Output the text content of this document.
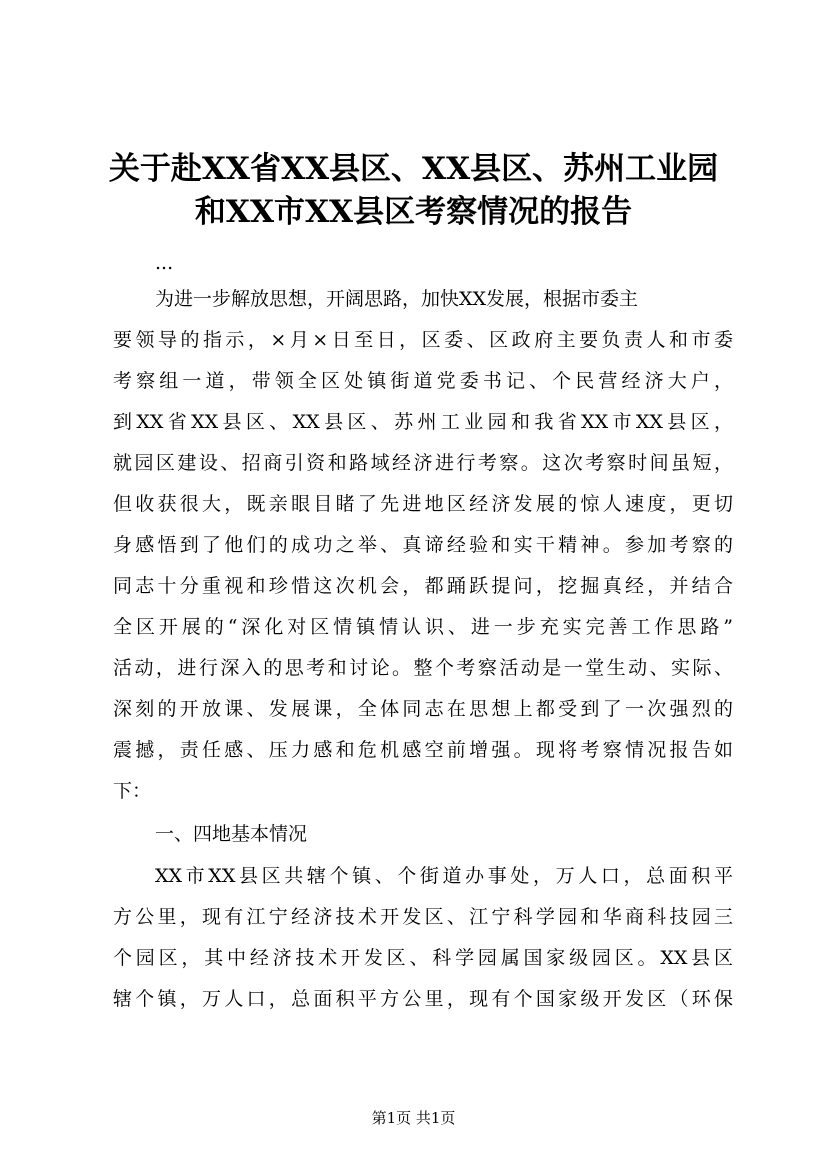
关于赴XX省XX县区、XX县区、苏州工业园
和XX市XX县区考察情况的报告
...
为进一步解放思想，开阔思路，加快XX发展，根据市委主
要领导的指示，×月×日至日，区委、区政府主要负责人和市委
考察组一道，带领全区处镇街道党委书记、个民营经济大户，
到XX省XX县区、XX县区、苏州工业园和我省XX市XX县区，
就园区建设、招商引资和路域经济进行考察。这次考察时间虽短，
但收获很大，既亲眼目睹了先进地区经济发展的惊人速度，更切
身感悟到了他们的成功之举、真谛经验和实干精神。参加考察的
同志十分重视和珍惜这次机会，都踊跃提问，挖掘真经，并结合
全区开展的“深化对区情镇情认识、进一步充实完善工作思路”
活动，进行深入的思考和讨论。整个考察活动是一堂生动、实际、
深刻的开放课、发展课，全体同志在思想上都受到了一次强烈的
震撼，责任感、压力感和危机感空前增强。现将考察情况报告如
下：
一、四地基本情况
XX市XX县区共辖个镇、个街道办事处，万人口，总面积平
方公里，现有江宁经济技术开发区、江宁科学园和华商科技园三
个园区，其中经济技术开发区、科学园属国家级园区。XX县区
辖个镇，万人口，总面积平方公里，现有个国家级开发区（环保
第1页 共1页
